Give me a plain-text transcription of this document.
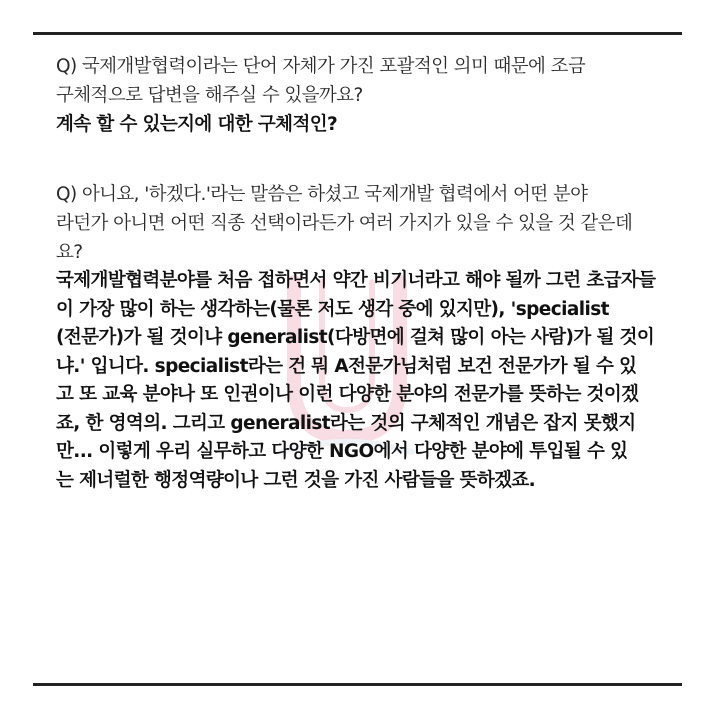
Q) 국제개발협력이라는 단어 자체가 가진 포괄적인 의미 때문에 조금
구체적으로 답변을 해주실 수 있을까요?
계속 할 수 있는지에 대한 구체적인?
Q) 아니요, '하겠다.'라는 말씀은 하셨고 국제개발 협력에서 어떤 분야
라던가 아니면 어떤 직종 선택이라든가 여러 가지가 있을 수 있을 것 같은데
요?
국제개발협력분야를 처음 접하면서 약간 비기너라고 해야 될까 그런 초급자들
이 가장 많이 하는 생각하는(물론 저도 생각 중에 있지만), 'specialist
(전문가)가 될 것이냐 generalist(다방면에 걸쳐 많이 아는 사람)가 될 것이
냐.' 입니다. specialist라는 건 뭐 A전문가님처럼 보건 전문가가 될 수 있
고 또 교육 분야나 또 인권이나 이런 다양한 분야의 전문가를 뜻하는 것이겠
죠, 한 영역의. 그리고 generalist라는 것의 구체적인 개념은 잡지 못했지
만... 이렇게 우리 실무하고 다양한 NGO에서 다양한 분야에 투입될 수 있
는 제너럴한 행정역량이나 그런 것을 가진 사람들을 뜻하겠죠.
